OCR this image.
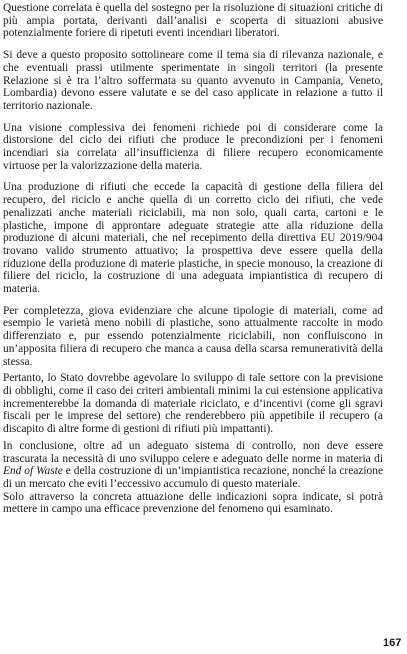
Questione correlata è quella del sostegno per la risoluzione di situazioni critiche di più ampia portata, derivanti dall’analisi e scoperta di situazioni abusive potenzialmente foriere di ripetuti eventi incendiari liberatori.

Si deve a questo proposito sottolineare come il tema sia di rilevanza nazionale, e che eventuali prassi utilmente sperimentate in singoli territori (la presente Relazione si è tra l’altro soffermata su quanto avvenuto in Campania, Veneto, Lombardia) devono essere valutate e se del caso applicate in relazione a tutto il territorio nazionale.

Una visione complessiva dei fenomeni richiede poi di considerare come la distorsione del ciclo dei rifiuti che produce le precondizioni per i fenomeni incendiari sia correlata all’insufficienza di filiere recupero economicamente virtuose per la valorizzazione della materia.

Una produzione di rifiuti che eccede la capacità di gestione della filiera del recupero, del riciclo e anche quella di un corretto ciclo dei rifiuti, che vede penalizzati anche materiali riciclabili, ma non solo, quali carta, cartoni e le plastiche, impone di approntare adeguate strategie atte alla riduzione della produzione di alcuni materiali, che nel recepimento della direttiva EU 2019/904 trovano valido strumento attuativo; la prospettiva deve essere quella della riduzione della produzione di materie plastiche, in specie monouso, la creazione di filiere del riciclo, la costruzione di una adeguata impiantistica di recupero di materia.

Per completezza, giova evidenziare che alcune tipologie di materiali, come ad esempio le varietà meno nobili di plastiche, sono attualmente raccolte in modo differenziato e, pur essendo potenzialmente riciclabili, non confluiscono in un’apposita filiera di recupero che manca a causa della scarsa remuneratività della stessa.

Pertanto, lo Stato dovrebbe agevolare lo sviluppo di tale settore con la previsione di obblighi, come il caso dei criteri ambientali minimi la cui estensione applicativa incrementerebbe la domanda di materiale riciclato, e d’incentivi (come gli sgravi fiscali per le imprese del settore) che renderebbero più appetibile il recupero (a discapito di altre forme di gestioni di rifiuti più impattanti).

In conclusione, oltre ad un adeguato sistema di controllo, non deve essere trascurata la necessità di uno sviluppo celere e adeguato delle norme in materia di End of Waste e della costruzione di un’impiantistica recazione, nonché la creazione di un mercato che eviti l’eccessivo accumulo di questo materiale.

Solo attraverso la concreta attuazione delle indicazioni sopra indicate, si potrà mettere in campo una efficace prevenzione del fenomeno qui esaminato.

167
